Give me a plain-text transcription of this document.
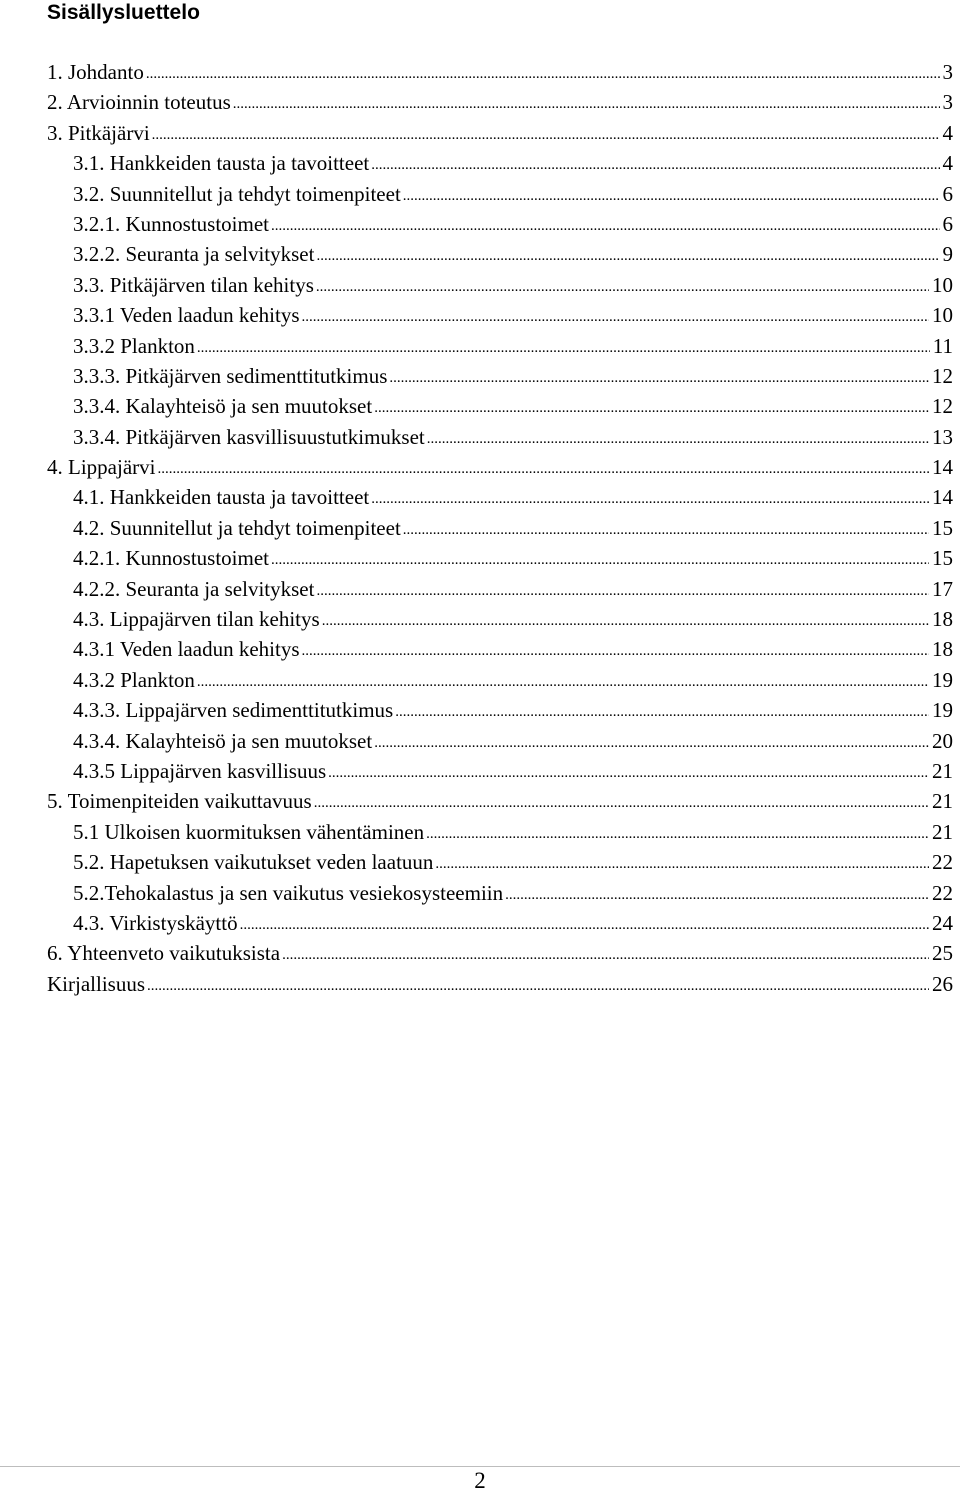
Sisällysluettelo
1. Johdanto .....	3
2. Arvioinnin toteutus .....	3
3. Pitkäjärvi .....	4
3.1. Hankkeiden tausta ja tavoitteet .....	4
3.2. Suunnitellut ja tehdyt toimenpiteet .....	6
3.2.1. Kunnostustoimet .....	6
3.2.2. Seuranta ja selvitykset .....	9
3.3. Pitkäjärven tilan kehitys .....	10
3.3.1 Veden laadun kehitys .....	10
3.3.2 Plankton .....	11
3.3.3. Pitkäjärven sedimenttitutkimus .....	12
3.3.4. Kalayhteisö ja sen muutokset .....	12
3.3.4. Pitkäjärven kasvillisuustutkimukset .....	13
4. Lippajärvi .....	14
4.1. Hankkeiden tausta ja tavoitteet .....	14
4.2. Suunnitellut ja tehdyt toimenpiteet .....	15
4.2.1. Kunnostustoimet .....	15
4.2.2. Seuranta ja selvitykset .....	17
4.3. Lippajärven tilan kehitys .....	18
4.3.1 Veden laadun kehitys .....	18
4.3.2 Plankton .....	19
4.3.3. Lippajärven sedimenttitutkimus .....	19
4.3.4. Kalayhteisö ja sen muutokset .....	20
4.3.5 Lippajärven kasvillisuus .....	21
5. Toimenpiteiden vaikuttavuus .....	21
5.1 Ulkoisen kuormituksen vähentäminen .....	21
5.2. Hapetuksen vaikutukset veden laatuun .....	22
5.2.Tehokalastus ja sen vaikutus vesiekosysteemiin .....	22
4.3. Virkistyskäyttö .....	24
6. Yhteenveto vaikutuksista .....	25
Kirjallisuus .....	26
2
